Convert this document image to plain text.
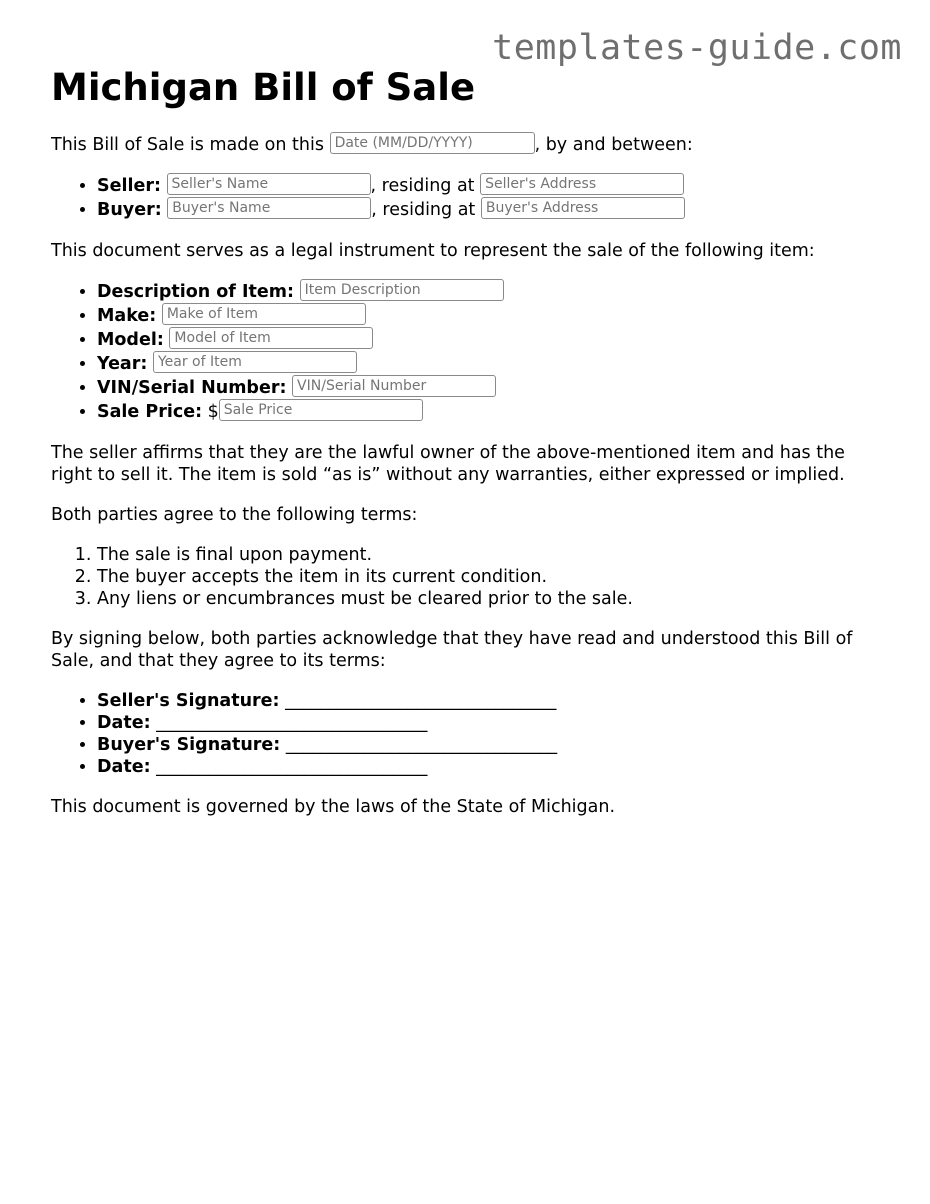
templates-guide.com
Michigan Bill of Sale

This Bill of Sale is made on this Date (MM/DD/YYYY)	, by and between:

• Seller: Seller's Name	, residing at Seller's Address
• Buyer: Buyer's Name	, residing at Buyer's Address

This document serves as a legal instrument to represent the sale of the following item:

• Description of Item: Item Description
• Make: Make of Item
• Model: Model of Item
• Year: Year of Item
• VIN/Serial Number: VIN/Serial Number
• Sale Price: $Sale Price

The seller affirms that they are the lawful owner of the above-mentioned item and has the right to sell it. The item is sold “as is” without any warranties, either expressed or implied.

Both parties agree to the following terms:

1. The sale is final upon payment.
2. The buyer accepts the item in its current condition.
3. Any liens or encumbrances must be cleared prior to the sale.

By signing below, both parties acknowledge that they have read and understood this Bill of Sale, and that they agree to its terms:

• Seller's Signature: _______________________________
• Date: _______________________________
• Buyer's Signature: _______________________________
• Date: _______________________________

This document is governed by the laws of the State of Michigan.
